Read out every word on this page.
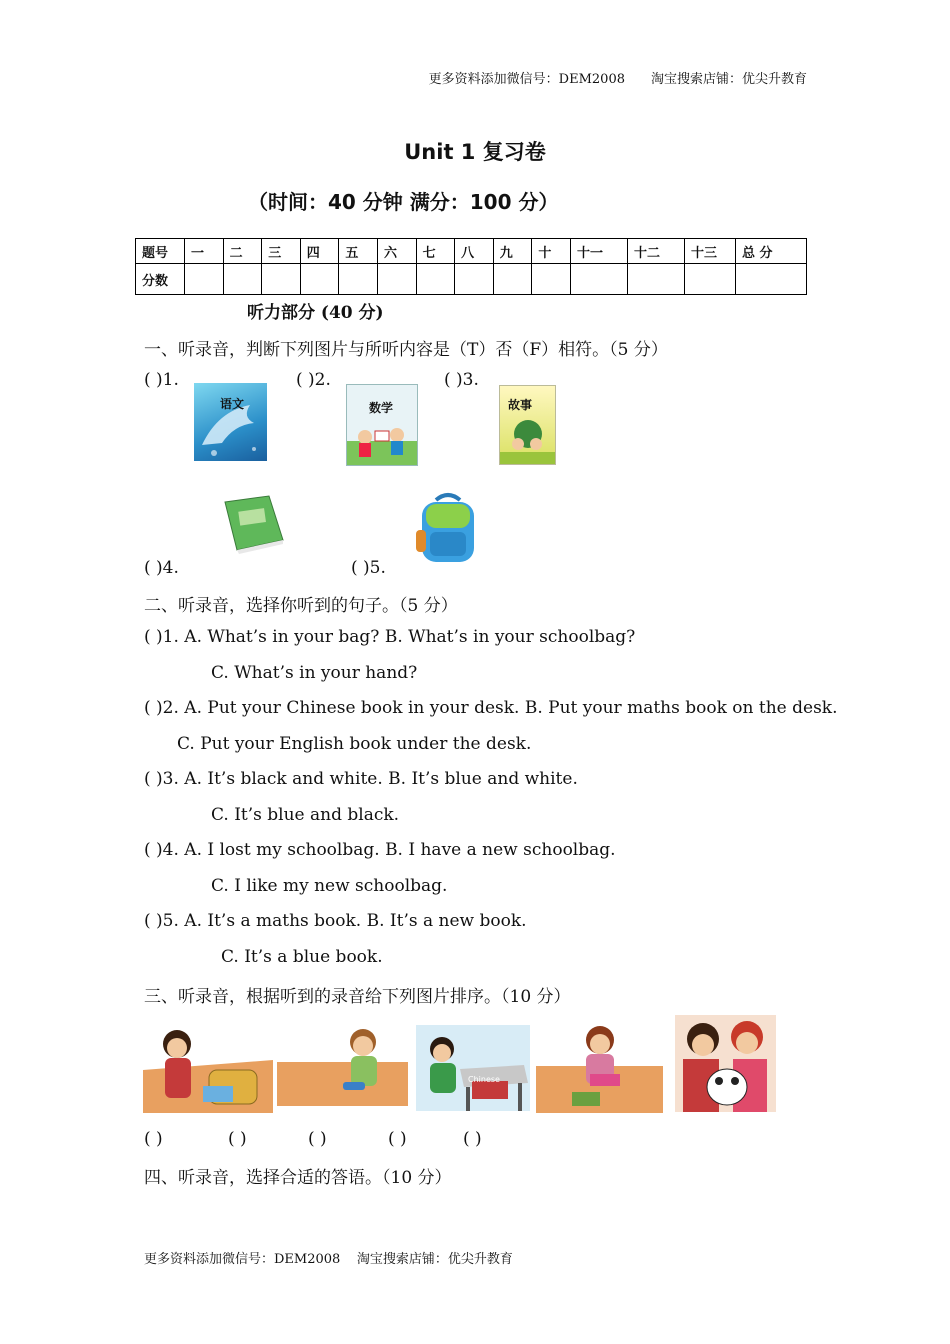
更多资料添加微信号：DEM2008 淘宝搜索店铺：优尖升教育
Unit 1 复习卷
（时间：40 分钟 满分：100 分）
题号	一	二	三	四	五	六	七	八	九	十	十一	十二	十三	总 分
分数														
听力部分 (40 分)
一、听录音，判断下列图片与所听内容是（T）否（F）相符。（5 分）
( )1.	( )2.	( )3.
语文	数学	故事
( )4.	( )5.
二、听录音，选择你听到的句子。（5 分）
( )1. A. What’s in your bag? B. What’s in your schoolbag?
C. What’s in your hand?
( )2. A. Put your Chinese book in your desk. B. Put your maths book on the desk.
C. Put your English book under the desk.
( )3. A. It’s black and white. B. It’s blue and white.
C. It’s blue and black.
( )4. A. I lost my schoolbag. B. I have a new schoolbag.
C. I like my new schoolbag.
( )5. A. It’s a maths book. B. It’s a new book.
C. It’s a blue book.
三、听录音，根据听到的录音给下列图片排序。（10 分）
Chinese
( )	( )	( )	( )	( )
四、听录音，选择合适的答语。（10 分）
更多资料添加微信号：DEM2008    淘宝搜索店铺：优尖升教育
